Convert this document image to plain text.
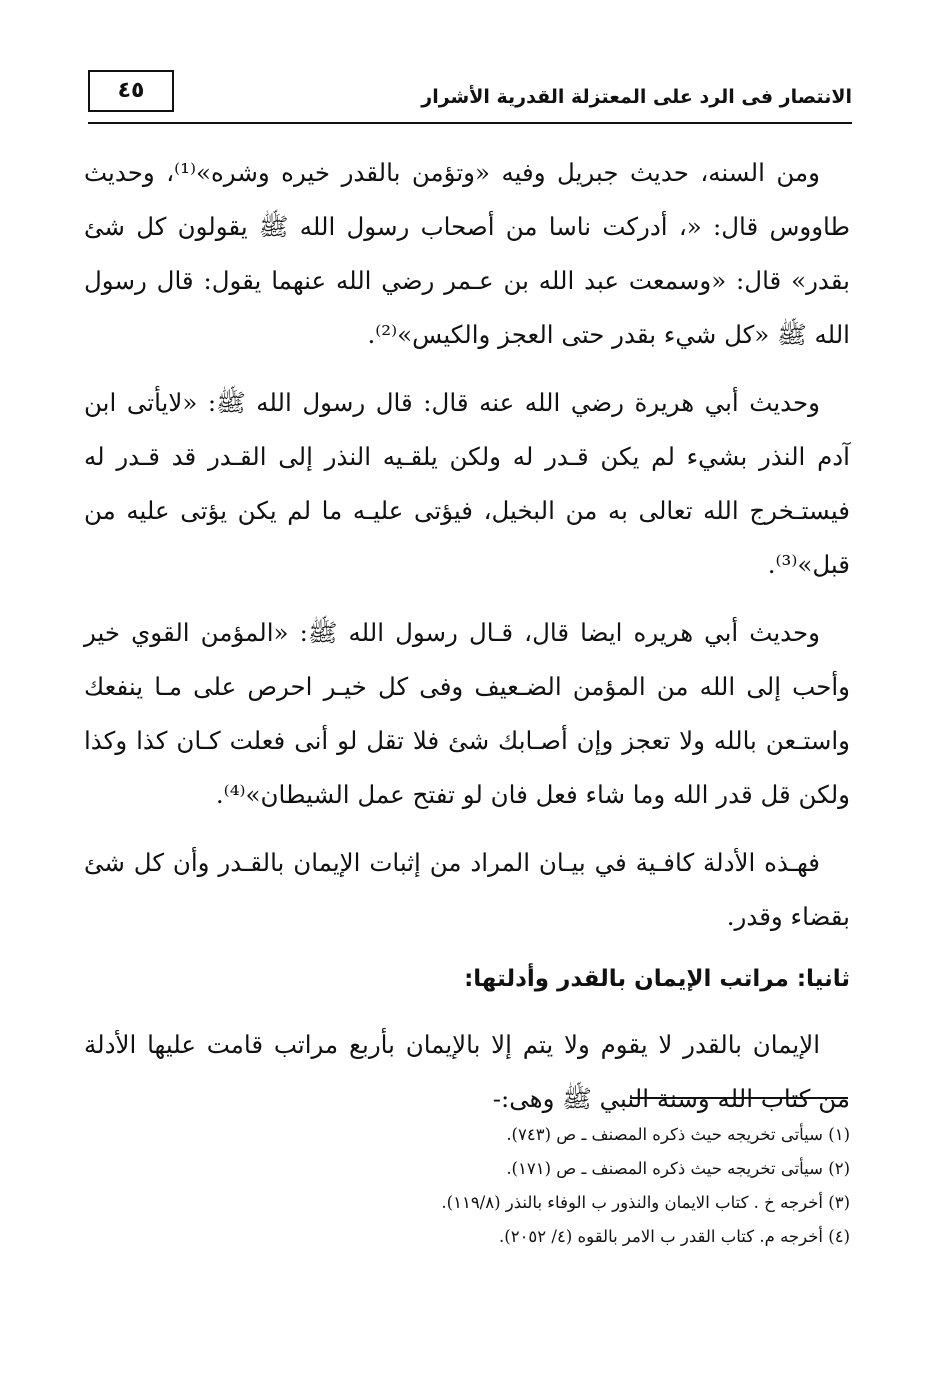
٤٥	الانتصار فى الرد على المعتزلة القدرية الأشرار

ومن السنه، حديث جبريل وفيه «وتؤمن بالقدر خيره وشره»⁽¹⁾، وحديث طاووس قال: «، أدركت ناسا من أصحاب رسول الله ﷺ يقولون كل شئ بقدر» قال: «وسمعت عبد الله بن عـمر رضي الله عنهما يقول: قال رسول الله ﷺ «كل شيء بقدر حتى العجز والكيس»⁽²⁾.

وحديث أبي هريرة رضي الله عنه قال: قال رسول الله ﷺ: «لايأتى ابن آدم النذر بشيء لم يكن قـدر له ولكن يلقـيه النذر إلى القـدر قد قـدر له فيستـخرج الله تعالى به من البخيل، فيؤتى عليـه ما لم يكن يؤتى عليه من قبل»⁽³⁾.

وحديث أبي هريره ايضا قال، قـال رسول الله ﷺ: «المؤمن القوي خير وأحب إلى الله من المؤمن الضـعيف وفى كل خيـر احرص على مـا ينفعك واستـعن بالله ولا تعجز وإن أصـابك شئ فلا تقل لو أنى فعلت كـان كذا وكذا ولكن قل قدر الله وما شاء فعل فان لو تفتح عمل الشيطان»⁽⁴⁾.

فهـذه الأدلة كافـية في بيـان المراد من إثبات الإيمان بالقـدر وأن كل شئ بقضاء وقدر.

ثانيا: مراتب الإيمان بالقدر وأدلتها:

الإيمان بالقدر لا يقوم ولا يتم إلا بالإيمان بأربع مراتب قامت عليها الأدلة من كتاب الله وسنة النبي ﷺ وهى:-

(١) سيأتى تخريجه حيث ذكره المصنف ـ ص (٧٤٣).
(٢) سيأتى تخريجه حيث ذكره المصنف ـ ص (١٧١).
(٣) أخرجه خ . كتاب الايمان والنذور ب الوفاء بالنذر (١١٩/٨).
(٤) أخرجه م. كتاب القدر ب الامر بالقوه (٤/ ٢٠٥٢).
